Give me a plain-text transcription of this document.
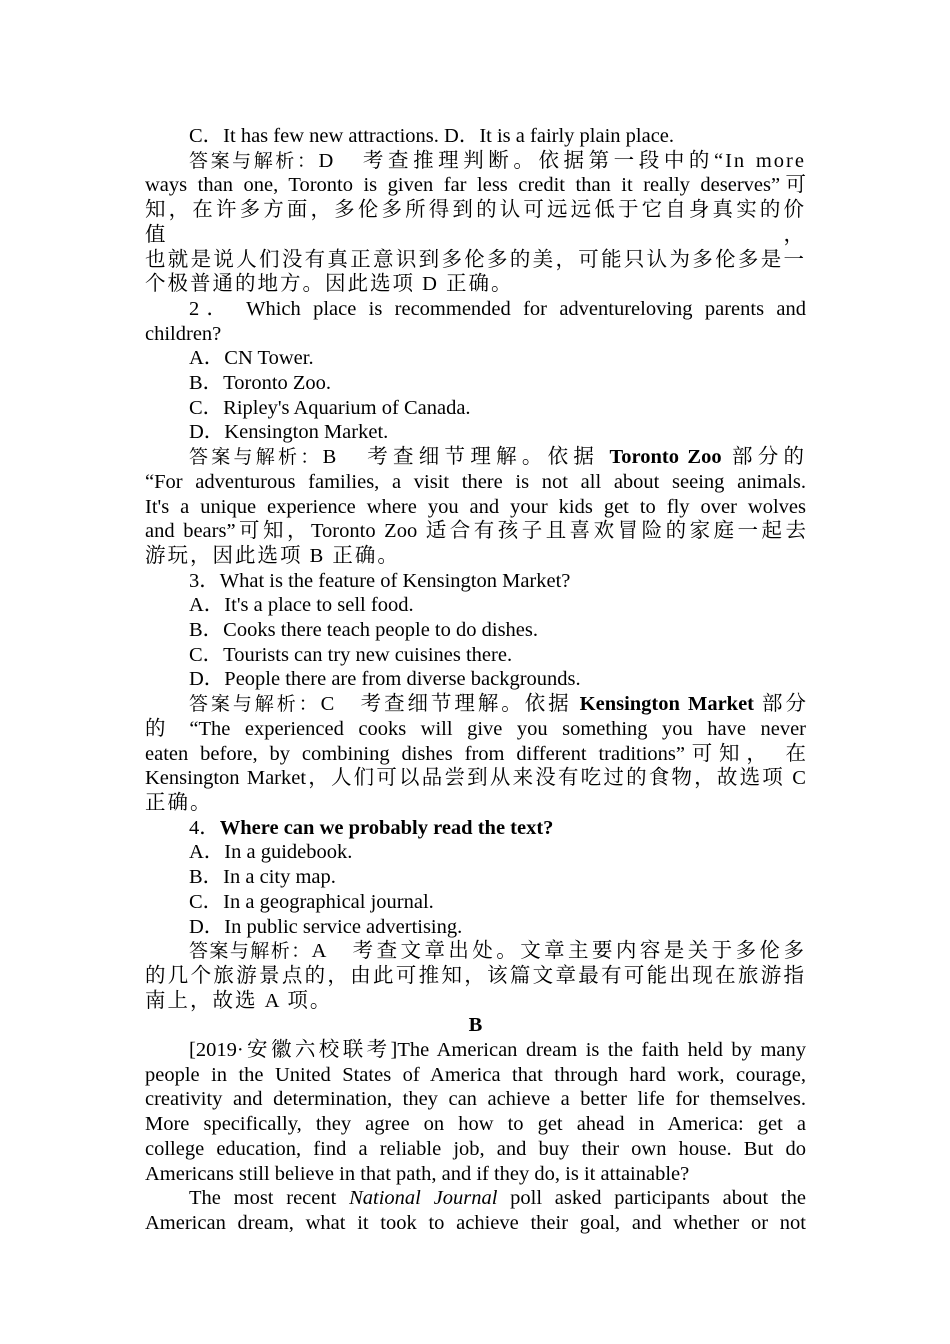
C．It has few new attractions. D．It is a fairly plain place.
答案与解析：D　考查推理判断。依据第一段中的“In more
ways than one, Toronto is given far less credit than it really deserves”可
知，在许多方面，多伦多所得到的认可远远低于它自身真实的价值，
也就是说人们没有真正意识到多伦多的美，可能只认为多伦多是一
个极普通的地方。因此选项 D 正确。
2． Which place is recommended for adventureloving parents and
children?
A．CN Tower.
B．Toronto Zoo.
C．Ripley's Aquarium of Canada.
D．Kensington Market.
答案与解析：B　考查细节理解。依据 Toronto Zoo 部分的
“For adventurous families, a visit there is not all about seeing animals.
It's a unique experience where you and your kids get to fly over wolves
and bears”可知，Toronto Zoo 适合有孩子且喜欢冒险的家庭一起去
游玩，因此选项 B 正确。
3．What is the feature of Kensington Market?
A．It's a place to sell food.
B．Cooks there teach people to do dishes.
C．Tourists can try new cuisines there.
D．People there are from diverse backgrounds.
答案与解析：C　考查细节理解。依据 Kensington Market 部分
的 “The experienced cooks will give you something you have never
eaten before, by combining dishes from different traditions”可知， 在
Kensington Market，人们可以品尝到从来没有吃过的食物，故选项 C
正确。
4．Where can we probably read the text?
A．In a guidebook.
B．In a city map.
C．In a geographical journal.
D．In public service advertising.
答案与解析：A　考查文章出处。文章主要内容是关于多伦多
的几个旅游景点的，由此可推知，该篇文章最有可能出现在旅游指
南上，故选 A 项。
B
[2019·安徽六校联考]The American dream is the faith held by many
people in the United States of America that through hard work, courage,
creativity and determination, they can achieve a better life for themselves.
More specifically, they agree on how to get ahead in America: get a
college education, find a reliable job, and buy their own house. But do
Americans still believe in that path, and if they do, is it attainable?
The most recent National Journal poll asked participants about the
American dream, what it took to achieve their goal, and whether or not
